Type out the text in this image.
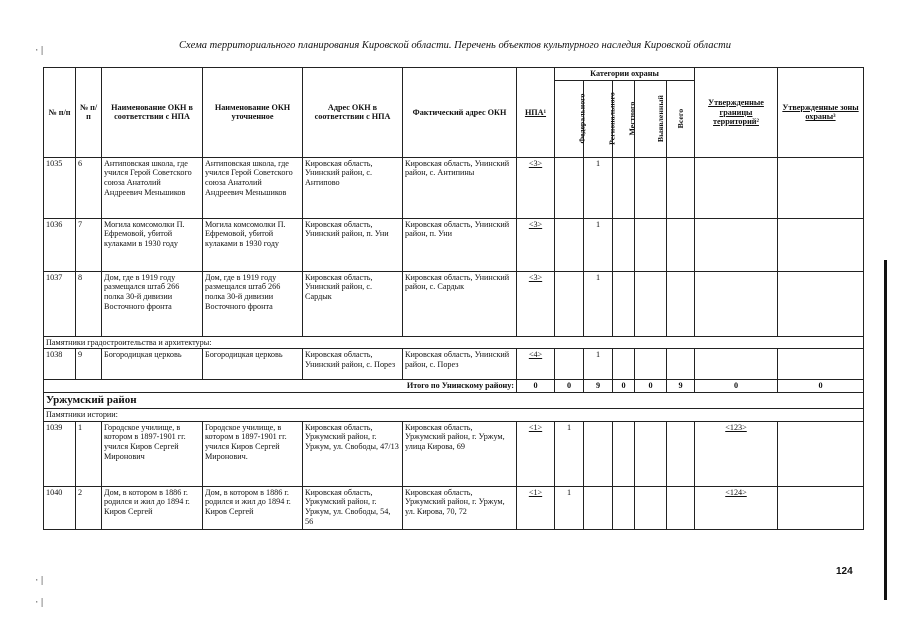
Схема территориального планирования Кировской области. Перечень объектов культурного наследия Кировской области
№ п/п	№ п/п	Наименование ОКН в соответствии с НПА	Наименование ОКН уточненное	Адрес ОКН в соответствии с НПА	Фактический адрес ОКН	НПА¹	Категории охраны					Утвержденные границы территорий²	Утвержденные зоны охраны³
							Федерального	Регионального	Местного	Выявленный	Всего		
1035	6	Антиповская школа, где учился Герой Советского союза Анатолий Андреевич Меньшиков	Антиповская школа, где учился Герой Советского союза Анатолий Андреевич Меньшиков	Кировская область, Унинский район, с. Антипово	Кировская область, Унинский район, с. Антипины	<3>		1					
1036	7	Могила комсомолки П. Ефремовой, убитой кулаками в 1930 году	Могила комсомолки П. Ефремовой, убитой кулаками в 1930 году	Кировская область, Унинский район, п. Уни	Кировская область, Унинский район, п. Уни	<3>		1					
1037	8	Дом, где в 1919 году размещался штаб 266 полка 30-й дивизии Восточного фронта	Дом, где в 1919 году размещался штаб 266 полка 30-й дивизии Восточного фронта	Кировская область, Унинский район, с. Сардык	Кировская область, Унинский район, с. Сардык	<3>		1					
Памятники градостроительства и архитектуры:													
1038	9	Богородицкая церковь	Богородицкая церковь	Кировская область, Унинский район, с. Порез	Кировская область, Унинский район, с. Порез	<4>		1					
Итого по Унинскому району:						0	0	9	0	0	9	0	0
Уржумский район													
Памятники истории:													
1039	1	Городское училище, в котором в 1897-1901 гг. учился Киров Сергей Миронович	Городское училище, в котором в 1897-1901 гг. учился Киров Сергей Миронович.	Кировская область, Уржумский район, г. Уржум, ул. Свободы, 47/13	Кировская область, Уржумский район, г. Уржум, улица Кирова, 69	<1>	1					<123>	
1040	2	Дом, в котором в 1886 г. родился и жил до 1894 г. Киров Сергей	Дом, в котором в 1886 г. родился и жил до 1894 г. Киров Сергей	Кировская область, Уржумский район, г. Уржум, ул. Свободы, 54, 56	Кировская область, Уржумский район, г. Уржум, ул. Кирова, 70, 72	<1>	1					<124>	
124
·|
·|
·|
